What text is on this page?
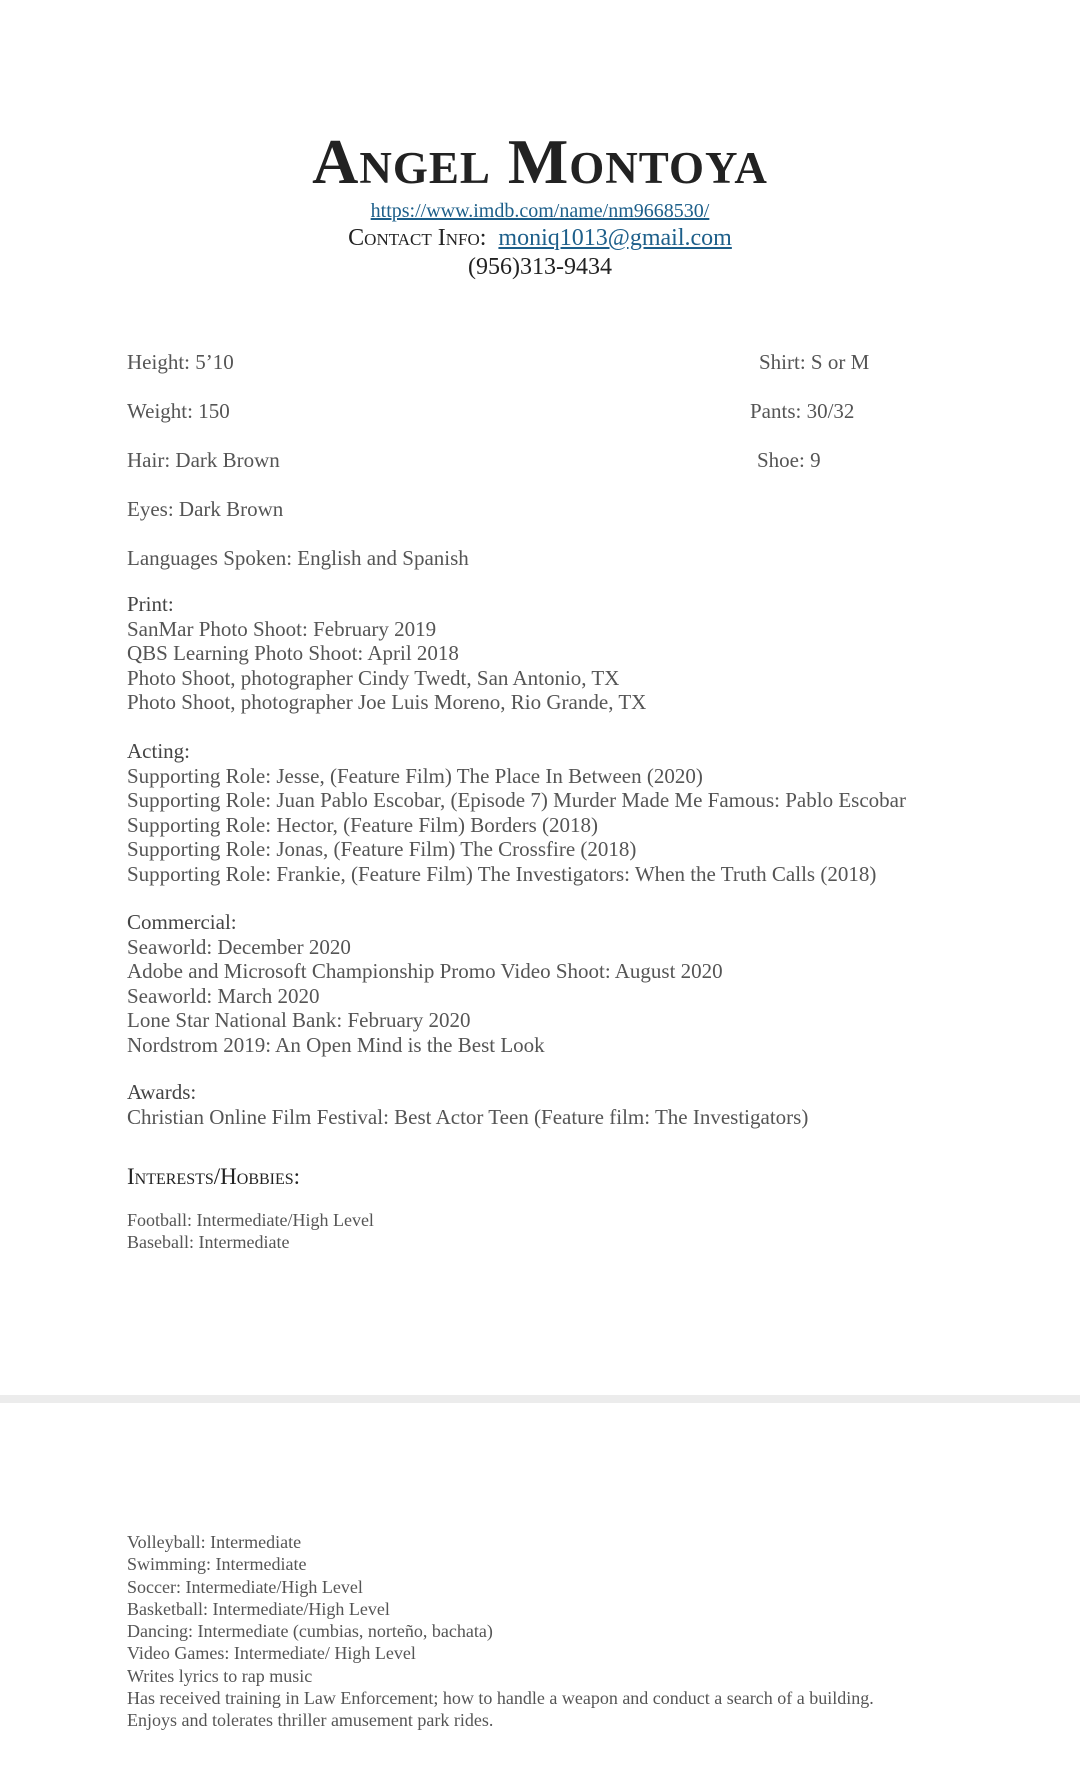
Angel Montoya
https://www.imdb.com/name/nm9668530/
Contact Info: moniq1013@gmail.com
(956)313-9434
Height: 5’10	Shirt: S or M
Weight: 150	Pants: 30/32
Hair: Dark Brown	Shoe: 9
Eyes: Dark Brown
Languages Spoken: English and Spanish
Print:
SanMar Photo Shoot: February 2019
QBS Learning Photo Shoot: April 2018
Photo Shoot, photographer Cindy Twedt, San Antonio, TX
Photo Shoot, photographer Joe Luis Moreno, Rio Grande, TX
Acting:
Supporting Role: Jesse, (Feature Film) The Place In Between (2020)
Supporting Role: Juan Pablo Escobar, (Episode 7) Murder Made Me Famous: Pablo Escobar
Supporting Role: Hector, (Feature Film) Borders (2018)
Supporting Role: Jonas, (Feature Film) The Crossfire (2018)
Supporting Role: Frankie, (Feature Film) The Investigators: When the Truth Calls (2018)
Commercial:
Seaworld: December 2020
Adobe and Microsoft Championship Promo Video Shoot: August 2020
Seaworld: March 2020
Lone Star National Bank: February 2020
Nordstrom 2019: An Open Mind is the Best Look
Awards:
Christian Online Film Festival: Best Actor Teen (Feature film: The Investigators)
Interests/Hobbies:
Football: Intermediate/High Level
Baseball: Intermediate
Volleyball: Intermediate
Swimming: Intermediate
Soccer: Intermediate/High Level
Basketball: Intermediate/High Level
Dancing: Intermediate (cumbias, norteño, bachata)
Video Games: Intermediate/ High Level
Writes lyrics to rap music
Has received training in Law Enforcement; how to handle a weapon and conduct a search of a building.
Enjoys and tolerates thriller amusement park rides.
